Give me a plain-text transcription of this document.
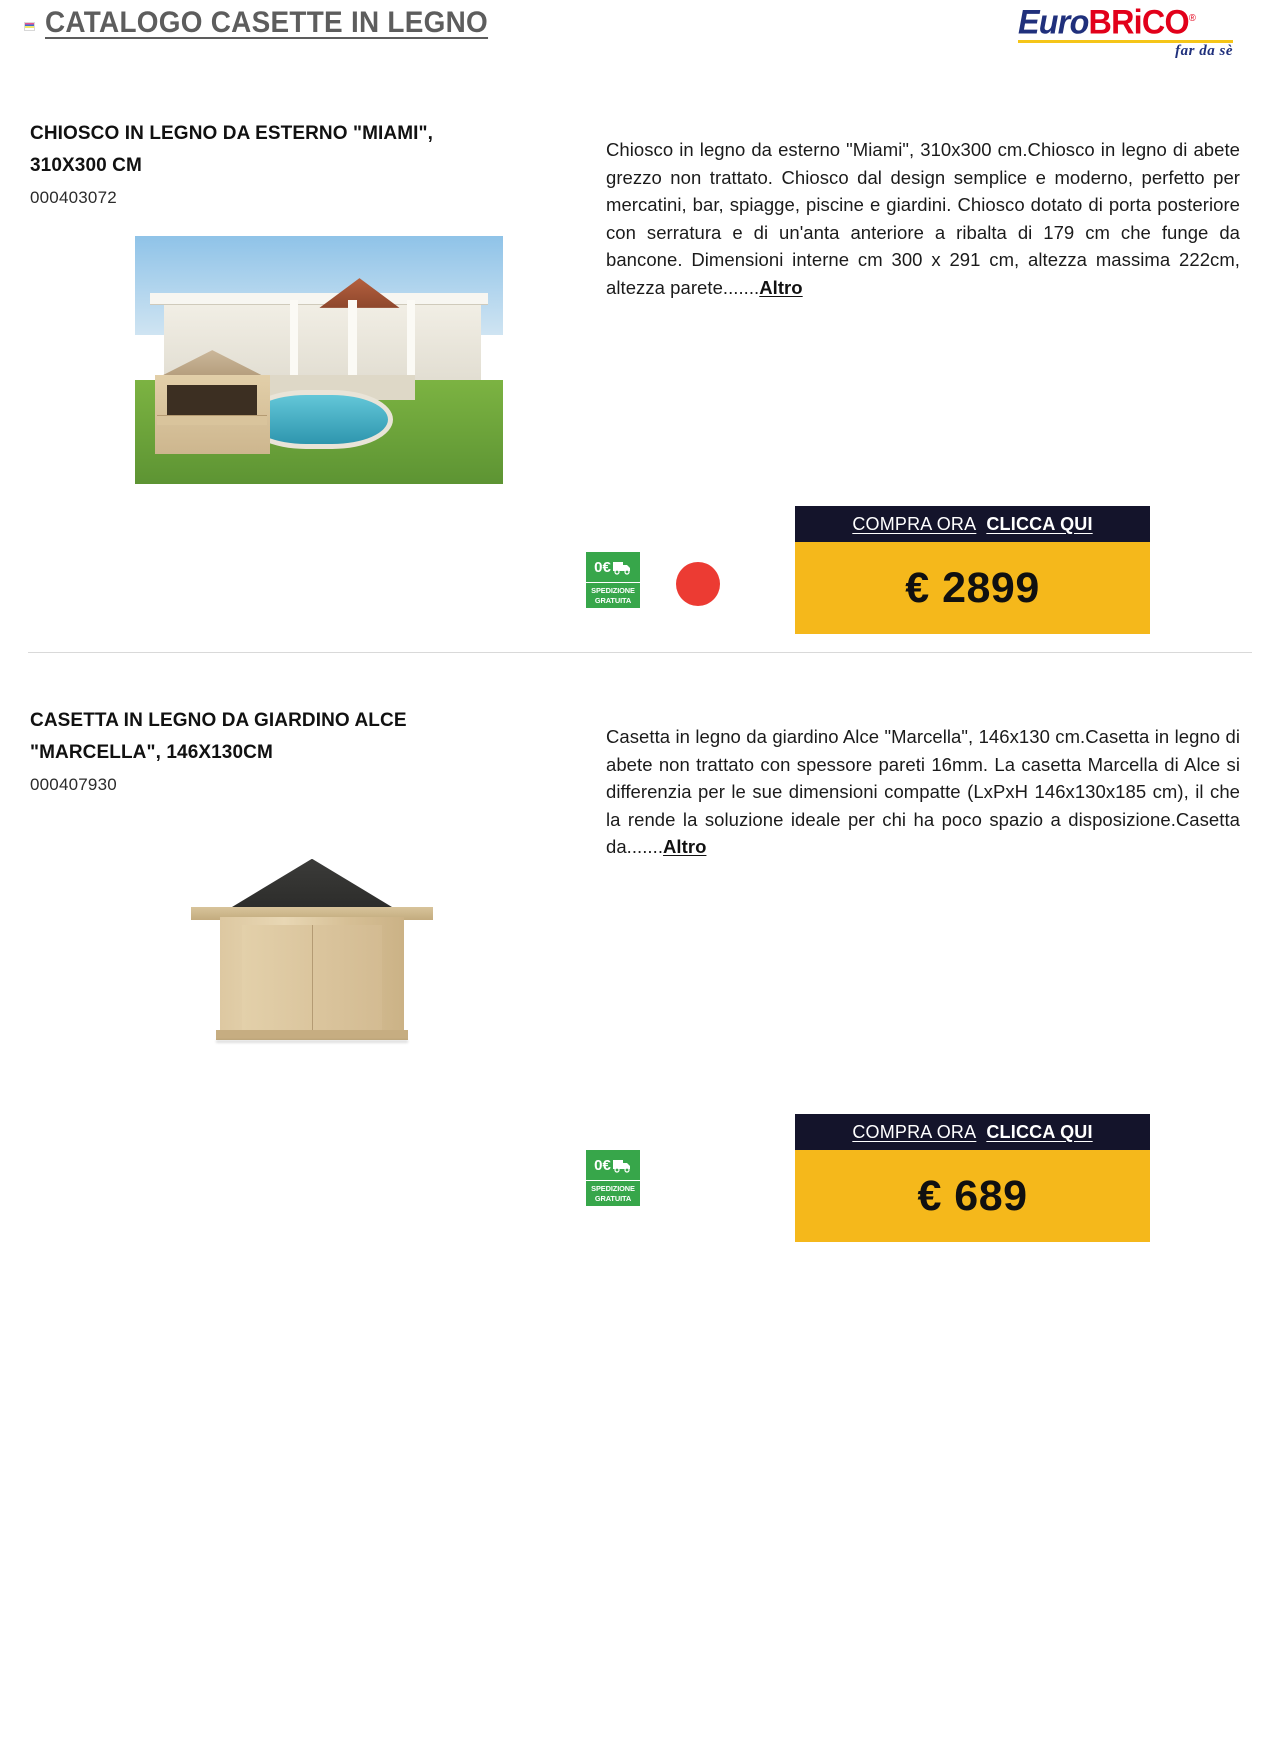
CATALOGO CASETTE IN LEGNO	EuroBRiCO®
far da sè
CHIOSCO IN LEGNO DA ESTERNO "MIAMI", 310X300 CM
000403072
Chiosco in legno da esterno "Miami", 310x300 cm.Chiosco in legno di abete grezzo non trattato. Chiosco dal design semplice e moderno, perfetto per mercatini, bar, spiagge, piscine e giardini. Chiosco dotato di porta posteriore con serratura e di un'anta anteriore a ribalta di 179 cm che funge da bancone. Dimensioni interne cm 300 x 291 cm, altezza massima 222cm, altezza parete.......Altro
0€
SPEDIZIONE
GRATUITA
COMPRA ORA CLICCA QUI
€ 2899
CASETTA IN LEGNO DA GIARDINO ALCE "MARCELLA", 146X130CM
000407930
Casetta in legno da giardino Alce "Marcella", 146x130 cm.Casetta in legno di abete non trattato con spessore pareti 16mm. La casetta Marcella di Alce si differenzia per le sue dimensioni compatte (LxPxH 146x130x185 cm), il che la rende la soluzione ideale per chi ha poco spazio a disposizione.Casetta da.......Altro
0€
SPEDIZIONE
GRATUITA
COMPRA ORA CLICCA QUI
€ 689
